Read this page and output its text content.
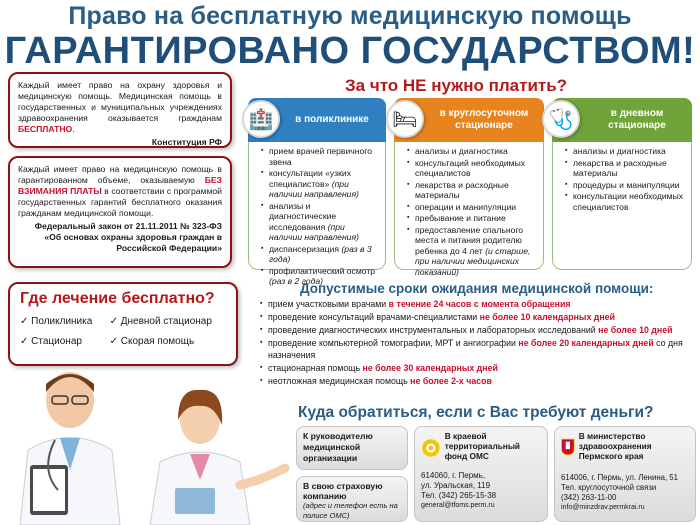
Право на бесплатную медицинскую помощь
ГАРАНТИРОВАНО ГОСУДАРСТВОМ!
Каждый имеет право на охрану здоровья и медицинскую помощь. Медицинская помощь в государственных и муниципальных учреждениях здравоохранения оказывается гражданам БЕСПЛАТНО.
Конституция РФ
Каждый имеет право на медицинскую помощь в гарантированном объеме, оказываемую БЕЗ ВЗИМАНИЯ ПЛАТЫ в соответствии с программой государственных гарантий бесплатного оказания гражданам медицинской помощи.
Федеральный закон от 21.11.2011 № 323-ФЗ
«Об основах охраны здоровья граждан в Российской Федерации»
За что НЕ нужно платить?
в поликлинике
🏥
▪ прием врачей первичного звена
▪ консультации «узких специалистов» (при наличии направления)
▪ анализы и диагностические исследования (при наличии направления)
▪ диспансеризация (раз в 3 года)
▪ профилактический осмотр (раз в 2 года)
в круглосуточном стационаре
🛏
▪ анализы и диагностика
▪ консультаций необходимых специалистов
▪ лекарства и расходные материалы
▪ операции и манипуляции
▪ пребывание и питание
▪ предоставление спального места и питания родителю ребенка до 4 лет (и старше, при наличии медицинских показаний)
в дневном стационаре
🩺
▪ анализы и диагностика
▪ лекарства и расходные материалы
▪ процедуры и манипуляции
▪ консультации необходимых специалистов
Где лечение бесплатно?
✓ Поликлиника	✓ Дневной стационар
✓ Стационар	✓ Скорая помощь
Допустимые сроки ожидания медицинской помощи:
▪ прием участковыми врачами в течение 24 часов с момента обращения
▪ проведение консультаций врачами-специалистами не более 10 календарных дней
▪ проведение диагностических инструментальных и лабораторных исследований не более 10 дней
▪ проведение компьютерной томографии, МРТ и ангиографии не более 20 календарных дней со дня назначения
▪ стационарная помощь не более 30 календарных дней
▪ неотложная медицинская помощь не более 2-х часов
Куда обратиться, если с Вас требуют деньги?
К руководителю медицинской организации
В свою страховую компанию
(адрес и телефон есть на полисе ОМС)
В краевой территориальный фонд ОМС
614060, г. Пермь,
ул. Уральская, 119
Тел. (342) 265-15-38
general@tfoms.perm.ru
В министерство здравоохранения Пермского края
614006, г. Пермь, ул. Ленина, 51
Тел. круглосуточной связи
(342) 263-11-00
info@minzdrav.permkrai.ru
